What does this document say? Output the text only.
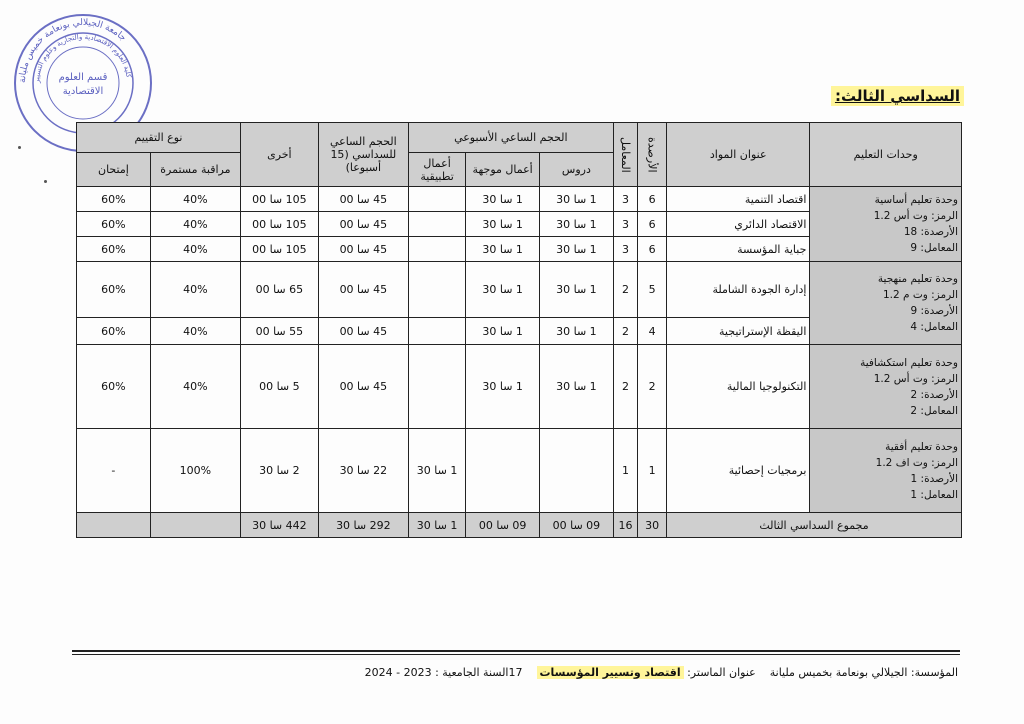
جامعة الجيلالي بونعامة خميس مليانة
كلية العلوم الاقتصادية والتجارية وعلوم التسيير
قسم العلوم
الاقتصادية	السداسي الثالث:
وحدات التعليم	عنوان المواد	الأرصدة	المعامل	الحجم الساعي الأسبوعي			الحجم الساعي للسداسي (15 أسبوعا)	أخرى	نوع التقييم	
				دروس	أعمال موجهة	أعمال تطبيقية			مراقبة مستمرة	إمتحان

وحدة تعليم أساسية
الرمز: وت أس 1.2
الأرصدة: 18
المعامل: 9	اقتصاد التنمية	6	3	1 سا 30	1 سا 30		45 سا 00	105 سا 00	40%	60%
	الاقتصاد الدائري	6	3	1 سا 30	1 سا 30		45 سا 00	105 سا 00	40%	60%
	جباية المؤسسة	6	3	1 سا 30	1 سا 30		45 سا 00	105 سا 00	40%	60%

وحدة تعليم منهجية
الرمز: وت م 1.2
الأرصدة: 9
المعامل: 4	إدارة الجودة الشاملة	5	2	1 سا 30	1 سا 30		45 سا 00	65 سا 00	40%	60%
	اليقظة الإستراتيجية	4	2	1 سا 30	1 سا 30		45 سا 00	55 سا 00	40%	60%

وحدة تعليم استكشافية
الرمز: وت أس 1.2
الأرصدة: 2
المعامل: 2	التكنولوجيا المالية	2	2	1 سا 30	1 سا 30		45 سا 00	5 سا 00	40%	60%

وحدة تعليم أفقية
الرمز: وت اف 1.2
الأرصدة: 1
المعامل: 1	برمجيات إحصائية	1	1			1 سا 30	22 سا 30	2 سا 30	100%	-
مجموع السداسي الثالث		30	16	09 سا 00	09 سا 00	1 سا 30	292 سا 30	442 سا 30		
المؤسسة: الجيلالي بونعامة بخميس مليانة    عنوان الماستر: اقتصاد وتسيير المؤسسات    17السنة الجامعية : 2023 - 2024
